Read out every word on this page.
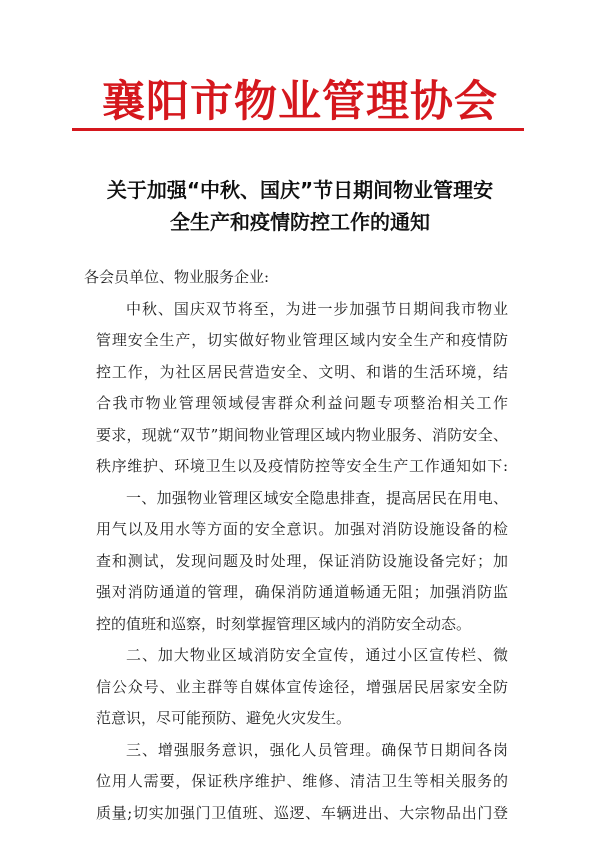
襄阳市物业管理协会
关于加强“中秋、国庆”节日期间物业管理安
全生产和疫情防控工作的通知
各会员单位、物业服务企业:
中秋、国庆双节将至，为进一步加强节日期间我市物业
管理安全生产，切实做好物业管理区域内安全生产和疫情防
控工作，为社区居民营造安全、文明、和谐的生活环境，结
合我市物业管理领域侵害群众利益问题专项整治相关工作
要求，现就“双节”期间物业管理区域内物业服务、消防安全、
秩序维护、环境卫生以及疫情防控等安全生产工作通知如下:
一、加强物业管理区域安全隐患排查，提高居民在用电、
用气以及用水等方面的安全意识。加强对消防设施设备的检
查和测试，发现问题及时处理，保证消防设施设备完好；加
强对消防通道的管理，确保消防通道畅通无阻；加强消防监
控的值班和巡察，时刻掌握管理区域内的消防安全动态。
二、加大物业区域消防安全宣传，通过小区宣传栏、微
信公众号、业主群等自媒体宣传途径，增强居民居家安全防
范意识，尽可能预防、避免火灾发生。
三、增强服务意识，强化人员管理。确保节日期间各岗
位用人需要，保证秩序维护、维修、清洁卫生等相关服务的
质量;切实加强门卫值班、巡逻、车辆进出、大宗物品出门登
